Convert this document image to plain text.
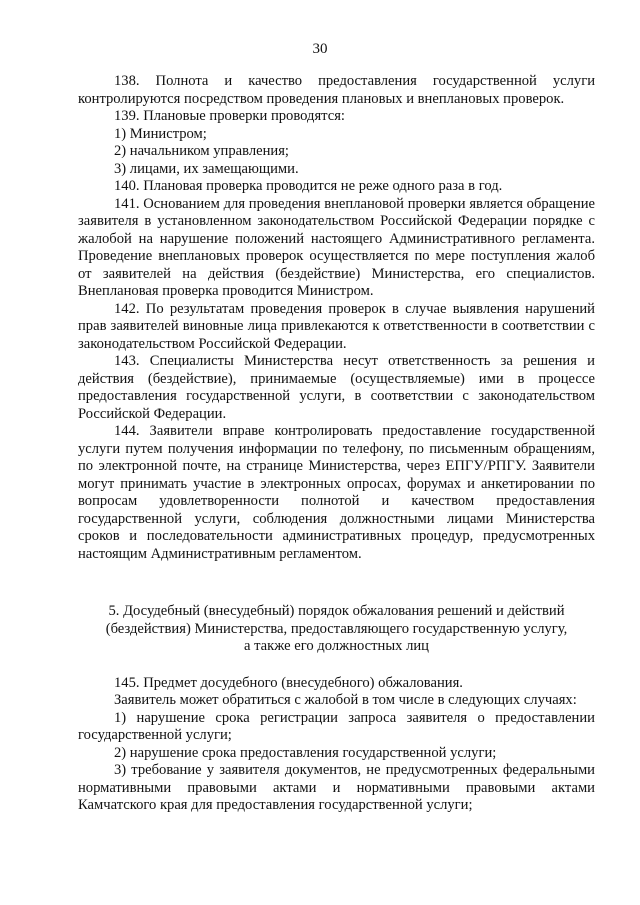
30

138. Полнота и качество предоставления государственной услуги контролируются посредством проведения плановых и внеплановых проверок.

139. Плановые проверки проводятся:

1) Министром;

2) начальником управления;

3) лицами, их замещающими.

140. Плановая проверка проводится не реже одного раза в год.

141. Основанием для проведения внеплановой проверки является обращение заявителя в установленном законодательством Российской Федерации порядке с жалобой на нарушение положений настоящего Административного регламента. Проведение внеплановых проверок осуществляется по мере поступления жалоб от заявителей на действия (бездействие) Министерства, его специалистов. Внеплановая проверка проводится Министром.

142. По результатам проведения проверок в случае выявления нарушений прав заявителей виновные лица привлекаются к ответственности в соответствии с законодательством Российской Федерации.

143. Специалисты Министерства несут ответственность за решения и действия (бездействие), принимаемые (осуществляемые) ими в процессе предоставления государственной услуги, в соответствии с законодательством Российской Федерации.

144. Заявители вправе контролировать предоставление государственной услуги путем получения информации по телефону, по письменным обращениям, по электронной почте, на странице Министерства, через ЕПГУ/РПГУ. Заявители могут принимать участие в электронных опросах, форумах и анкетировании по вопросам удовлетворенности полнотой и качеством предоставления государственной услуги, соблюдения должностными лицами Министерства сроков и последовательности административных процедур, предусмотренных настоящим Административным регламентом.

5. Досудебный (внесудебный) порядок обжалования решений и действий
(бездействия) Министерства, предоставляющего государственную услугу,
а также его должностных лиц

145. Предмет досудебного (внесудебного) обжалования.

Заявитель может обратиться с жалобой в том числе в следующих случаях:

1) нарушение срока регистрации запроса заявителя о предоставлении государственной услуги;

2) нарушение срока предоставления государственной услуги;

3) требование у заявителя документов, не предусмотренных федеральными нормативными правовыми актами и нормативными правовыми актами Камчатского края для предоставления государственной услуги;
